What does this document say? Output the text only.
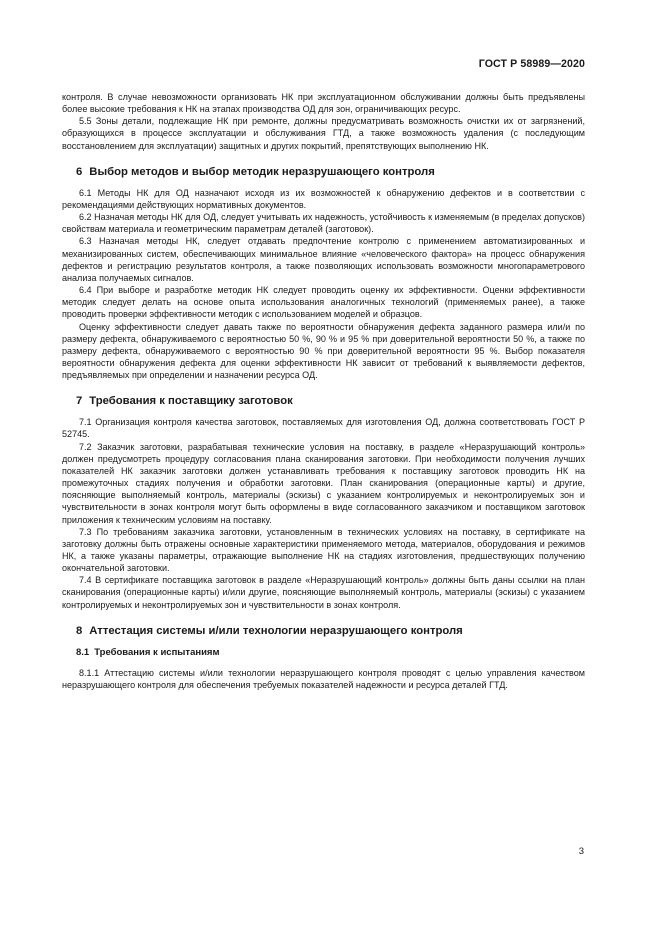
ГОСТ Р 58989—2020

контроля. В случае невозможности организовать НК при эксплуатационном обслуживании должны быть предъявлены более высокие требования к НК на этапах производства ОД для зон, ограничивающих ресурс.

5.5 Зоны детали, подлежащие НК при ремонте, должны предусматривать возможность очистки их от загрязнений, образующихся в процессе эксплуатации и обслуживания ГТД, а также возможность удаления (с последующим восстановлением для эксплуатации) защитных и других покрытий, препятствующих выполнению НК.

6 Выбор методов и выбор методик неразрушающего контроля

6.1 Методы НК для ОД назначают исходя из их возможностей к обнаружению дефектов и в соответствии с рекомендациями действующих нормативных документов.

6.2 Назначая методы НК для ОД, следует учитывать их надежность, устойчивость к изменяемым (в пределах допусков) свойствам материала и геометрическим параметрам деталей (заготовок).

6.3 Назначая методы НК, следует отдавать предпочтение контролю с применением автоматизированных и механизированных систем, обеспечивающих минимальное влияние «человеческого фактора» на процесс обнаружения дефектов и регистрацию результатов контроля, а также позволяющих использовать возможности многопараметрового анализа получаемых сигналов.

6.4 При выборе и разработке методик НК следует проводить оценку их эффективности. Оценки эффективности методик следует делать на основе опыта использования аналогичных технологий (применяемых ранее), а также проводить проверки эффективности методик с использованием моделей и образцов.

Оценку эффективности следует давать также по вероятности обнаружения дефекта заданного размера или/и по размеру дефекта, обнаруживаемого с вероятностью 50 %, 90 % и 95 % при доверительной вероятности 50 %, а также по размеру дефекта, обнаруживаемого с вероятностью 90 % при доверительной вероятности 95 %. Выбор показателя вероятности обнаружения дефекта для оценки эффективности НК зависит от требований к выявляемости дефектов, предъявляемых при определении и назначении ресурса ОД.

7 Требования к поставщику заготовок

7.1 Организация контроля качества заготовок, поставляемых для изготовления ОД, должна соответствовать ГОСТ Р 52745.

7.2 Заказчик заготовки, разрабатывая технические условия на поставку, в разделе «Неразрушающий контроль» должен предусмотреть процедуру согласования плана сканирования заготовки. При необходимости получения лучших показателей НК заказчик заготовки должен устанавливать требования к поставщику заготовок проводить НК на промежуточных стадиях получения и обработки заготовки. План сканирования (операционные карты) и другие, поясняющие выполняемый контроль, материалы (эскизы) с указанием контролируемых и неконтролируемых зон и чувствительности в зонах контроля могут быть оформлены в виде согласованного заказчиком и поставщиком заготовок приложения к техническим условиям на поставку.

7.3 По требованиям заказчика заготовки, установленным в технических условиях на поставку, в сертификате на заготовку должны быть отражены основные характеристики применяемого метода, материалов, оборудования и режимов НК, а также указаны параметры, отражающие выполнение НК на стадиях изготовления, предшествующих получению окончательной заготовки.

7.4 В сертификате поставщика заготовок в разделе «Неразрушающий контроль» должны быть даны ссылки на план сканирования (операционные карты) и/или другие, поясняющие выполняемый контроль, материалы (эскизы) с указанием контролируемых и неконтролируемых зон и чувствительности в зонах контроля.

8 Аттестация системы и/или технологии неразрушающего контроля
8.1 Требования к испытаниям

8.1.1 Аттестацию системы и/или технологии неразрушающего контроля проводят с целью управления качеством неразрушающего контроля для обеспечения требуемых показателей надежности и ресурса деталей ГТД.

3
